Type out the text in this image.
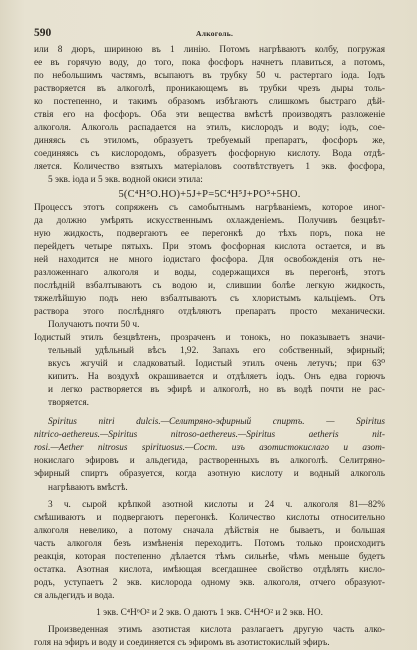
590	Алкоголь.
или 8 дюръ, шириною въ 1 линію. Потомъ нагрѣваютъ колбу, погружая
ее въ горячую воду, до того, пока фосфоръ начнетъ плавиться, а потомъ,
по небольшимъ частямъ, всыпаютъ въ трубку 50 ч. растертаго іода. Іодъ
растворяется въ алкоголѣ, проникающемъ въ трубки чрезъ дыры толь-
ко постепенно, и такимъ образомъ избѣгаютъ слишкомъ быстраго дѣй-
ствія его на фосфоръ. Оба эти вещества вмѣстѣ производятъ разложеніе
алкоголя. Алкоголь распадается на этилъ, кислородъ и воду; іодъ, сое-
диняясь съ этиломъ, образуетъ требуемый препаратъ, фосфоръ же,
соединяясь съ кислородомъ, образуетъ фосфорную кислоту. Вода отдѣ-
ляется. Количество взятыхъ матеріаловъ соотвѣтствуетъ 1 экв. фосфора,
5 экв. іода и 5 экв. водной окиси этила:
5(C⁴H⁵O.HO)+5J+P=5C⁴H⁵J+PO⁵+5HO.
Процессъ этотъ сопряженъ съ самобытнымъ нагрѣваніемъ, которое иног-
да должно умѣрять искусственнымъ охлажденіемъ. Получивъ безцвѣт-
ную жидкость, подвергаютъ ее перегонкѣ до тѣхъ поръ, пока не
перейдетъ четыре пятыхъ. При этомъ фосфорная кислота остается, и въ
ней находится не много іодистаго фосфора. Для освобожденія отъ не-
разложеннаго алкоголя и воды, содержащихся въ перегонѣ, этотъ
послѣдній взбалтываютъ съ водою и, слившии болѣе легкую жидкость,
тяжелѣйшую подъ нею взбалтываютъ съ хлористымъ кальціемъ. Отъ
раствора этого послѣдняго отдѣляютъ препаратъ просто механически.
Получаютъ почти 50 ч.
Іодистый этилъ безцвѣтенъ, прозраченъ и тонокъ, но показываетъ значи-
тельный удѣльный вѣсъ 1,92. Запахъ его собственный, эфирный;
вкусъ жгучій и сладковатый. Іодистый этилъ очень летучъ; при 63⁰
кипитъ. На воздухѣ окрашивается и отдѣляетъ іодъ. Онъ едва горючъ
и легко растворяется въ эфирѣ и алкоголѣ, но въ водѣ почти не рас-
творяется.
Spiritus nitri dulcis.—Селитряно-эфирный спиртъ. — Spiritus
nitrico-aethereus.—Spiritus nitroso-aethereus.—Spiritus aetheris nit-
rosi.—Aether nitrosus spirituosus.—Сост. изъ азотистокислаго и азот-
нокислаго эфировъ и альдегида, растворенныхъ въ алкоголѣ. Селитряно-
эфирный спиртъ образуется, когда азотную кислоту и водный алкоголь
нагрѣваютъ вмѣстѣ.
3 ч. сырой крѣпкой азотной кислоты и 24 ч. алкоголя 81—82%
смѣшиваютъ и подвергаютъ перегонкѣ. Количество кислоты относительно
алкоголя невелико, а потому сначала дѣйствія не бываетъ, и большая
часть алкоголя безъ измѣненія переходитъ. Потомъ только происходитъ
реакція, которая постепенно дѣлается тѣмъ сильнѣе, чѣмъ меньше будетъ
остатка. Азотная кислота, имѣющая всегдашнее свойство отдѣлять кисло-
родъ, уступаетъ 2 экв. кислорода одному экв. алкоголя, отчего образуют-
ся альдегидъ и вода.
1 экв. C⁴H⁶O² и 2 экв. O даютъ 1 экв. C⁴H⁴O² и 2 экв. HO.
Произведенная этимъ азотистая кислота разлагаетъ другую часть алко-
голя на эфиръ и воду и соединяется съ эфиромъ въ азотистокислый эфиръ.
